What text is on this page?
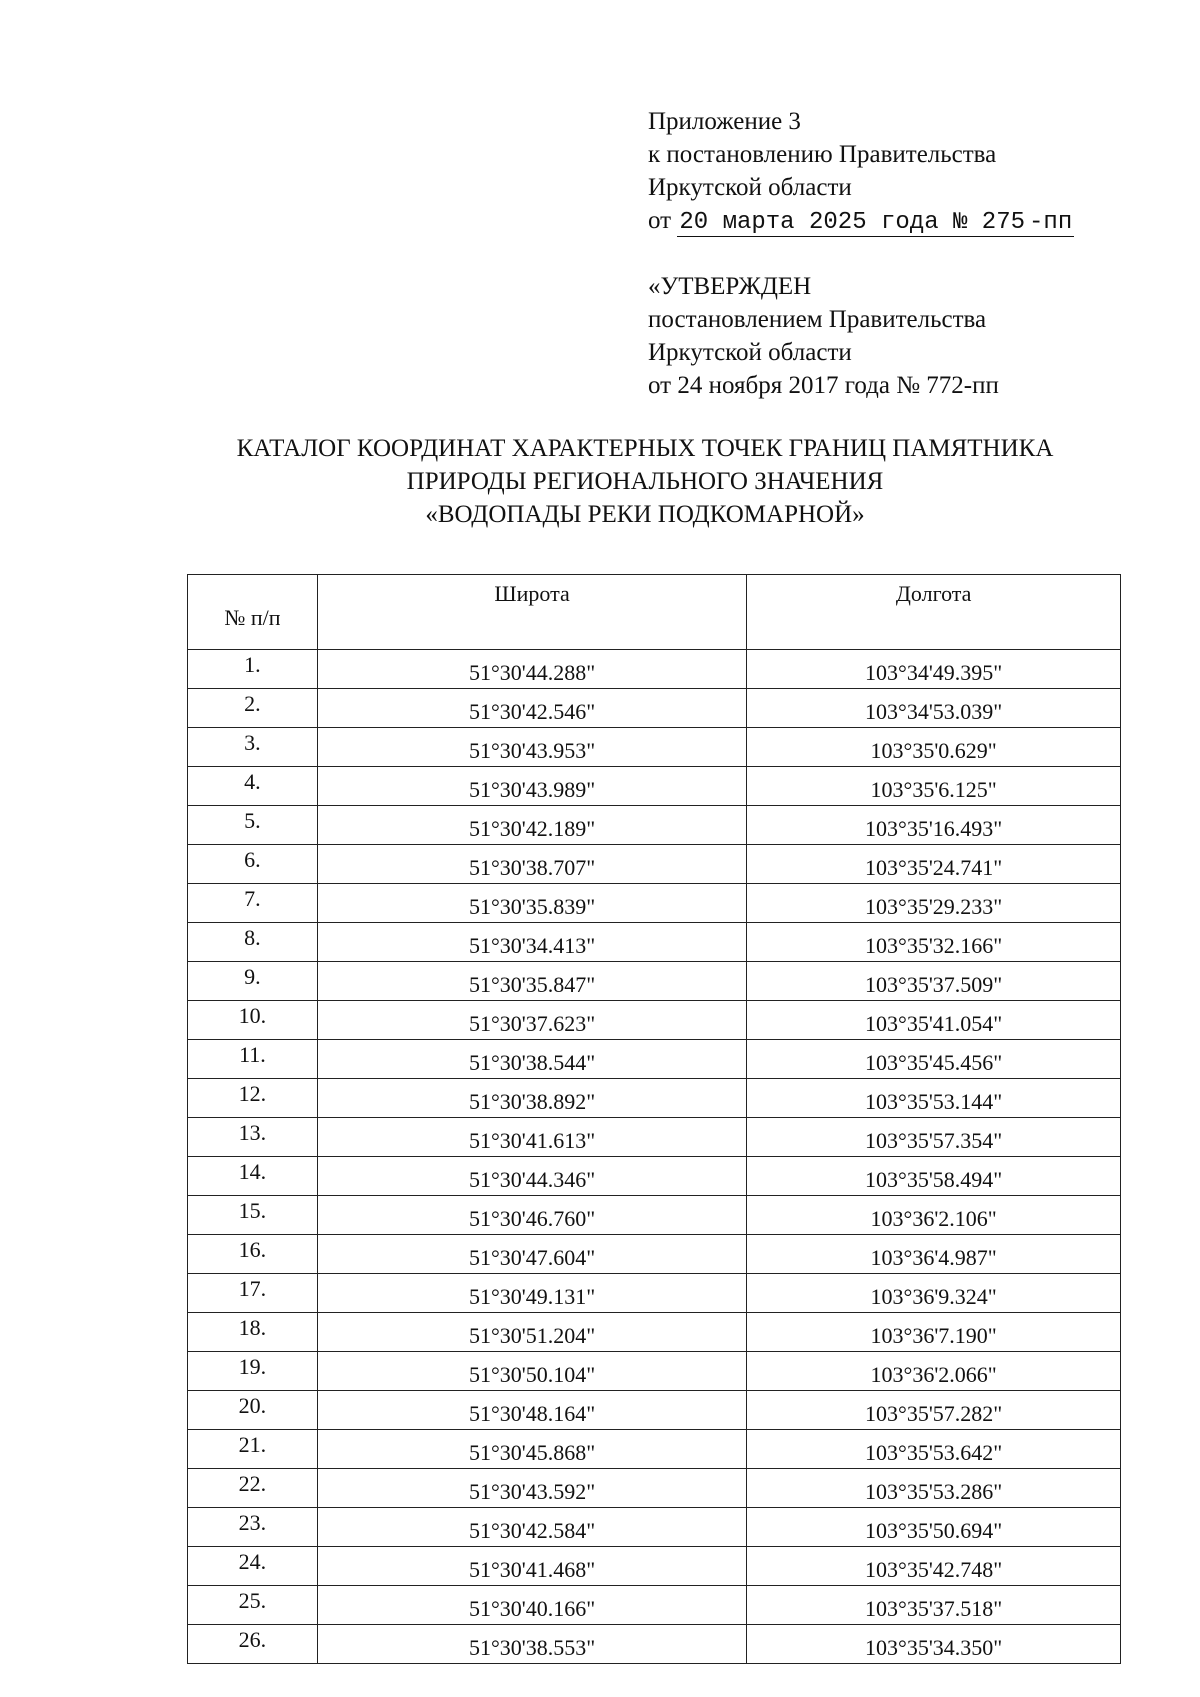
Приложение 3
к постановлению Правительства
Иркутской области
от 20 марта 2025 года № 275 -пп
«УТВЕРЖДЕН
постановлением Правительства
Иркутской области
от 24 ноября 2017 года № 772-пп
КАТАЛОГ КООРДИНАТ ХАРАКТЕРНЫХ ТОЧЕК ГРАНИЦ ПАМЯТНИКА
ПРИРОДЫ РЕГИОНАЛЬНОГО ЗНАЧЕНИЯ
«ВОДОПАДЫ РЕКИ ПОДКОМАРНОЙ»
№ п/п	Широта	Долгота
1.	51°30'44.288"	103°34'49.395"
2.	51°30'42.546"	103°34'53.039"
3.	51°30'43.953"	103°35'0.629"
4.	51°30'43.989"	103°35'6.125"
5.	51°30'42.189"	103°35'16.493"
6.	51°30'38.707"	103°35'24.741"
7.	51°30'35.839"	103°35'29.233"
8.	51°30'34.413"	103°35'32.166"
9.	51°30'35.847"	103°35'37.509"
10.	51°30'37.623"	103°35'41.054"
11.	51°30'38.544"	103°35'45.456"
12.	51°30'38.892"	103°35'53.144"
13.	51°30'41.613"	103°35'57.354"
14.	51°30'44.346"	103°35'58.494"
15.	51°30'46.760"	103°36'2.106"
16.	51°30'47.604"	103°36'4.987"
17.	51°30'49.131"	103°36'9.324"
18.	51°30'51.204"	103°36'7.190"
19.	51°30'50.104"	103°36'2.066"
20.	51°30'48.164"	103°35'57.282"
21.	51°30'45.868"	103°35'53.642"
22.	51°30'43.592"	103°35'53.286"
23.	51°30'42.584"	103°35'50.694"
24.	51°30'41.468"	103°35'42.748"
25.	51°30'40.166"	103°35'37.518"
26.	51°30'38.553"	103°35'34.350"
